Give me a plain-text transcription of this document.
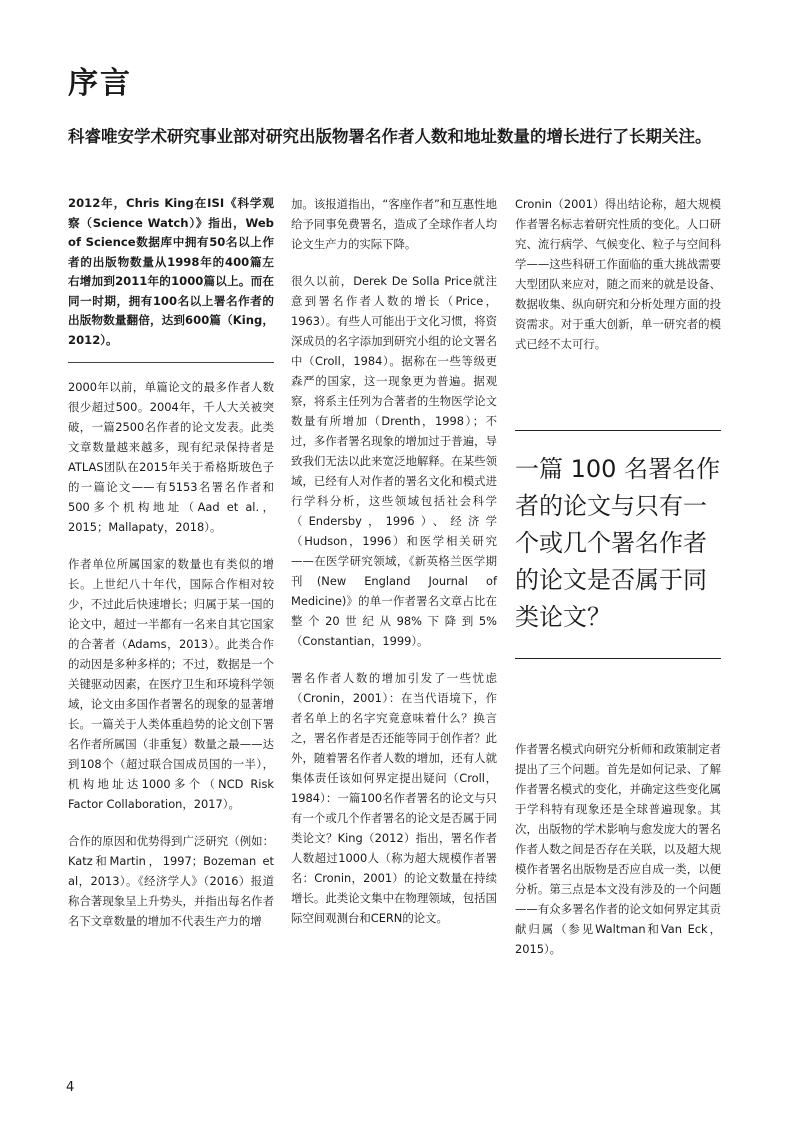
序言

科睿唯安学术研究事业部对研究出版物署名作者人数和地址数量的增长进行了长期关注。

2012年，Chris King在ISI《科学观察（Science Watch）》指出，Web of Science数据库中拥有50名以上作者的出版物数量从1998年的400篇左右增加到2011年的1000篇以上。而在同一时期，拥有100名以上署名作者的出版物数量翻倍，达到600篇（King，2012）。

2000年以前，单篇论文的最多作者人数很少超过500。2004年，千人大关被突破，一篇2500名作者的论文发表。此类文章数量越来越多，现有纪录保持者是ATLAS团队在2015年关于希格斯玻色子的一篇论文——有5153名署名作者和500多个机构地址（Aad et al.，2015；Mallapaty，2018）。

作者单位所属国家的数量也有类似的增长。上世纪八十年代，国际合作相对较少，不过此后快速增长；归属于某一国的论文中，超过一半都有一名来自其它国家的合著者（Adams，2013）。此类合作的动因是多种多样的；不过，数据是一个关键驱动因素，在医疗卫生和环境科学领域，论文由多国作者署名的现象的显著增长。一篇关于人类体重趋势的论文创下署名作者所属国（非重复）数量之最——达到108个（超过联合国成员国的一半），机构地址达1000多个（NCD Risk Factor Collaboration，2017）。

合作的原因和优势得到广泛研究（例如：Katz和Martin，1997；Bozeman et al，2013）。《经济学人》（2016）报道称合著现象呈上升势头，并指出每名作者名下文章数量的增加不代表生产力的增

加。该报道指出，“客座作者”和互惠性地给予同事免费署名，造成了全球作者人均论文生产力的实际下降。

很久以前，Derek De Solla Price就注意到署名作者人数的增长（Price，1963）。有些人可能出于文化习惯，将资深成员的名字添加到研究小组的论文署名中（Croll，1984）。据称在一些等级更森严的国家，这一现象更为普遍。据观察，将系主任列为合著者的生物医学论文数量有所增加（Drenth，1998）；不过，多作者署名现象的增加过于普遍，导致我们无法以此来宽泛地解释。在某些领域，已经有人对作者的署名文化和模式进行学科分析，这些领域包括社会科学（Endersby，1996）、经济学（Hudson，1996）和医学相关研究——在医学研究领域，《新英格兰医学期刊(New England Journal of Medicine)》的单一作者署名文章占比在整个20世纪从98%下降到5%（Constantian，1999）。

署名作者人数的增加引发了一些忧虑（Cronin，2001）：在当代语境下，作者名单上的名字究竟意味着什么？换言之，署名作者是否还能等同于创作者？此外，随着署名作者人数的增加，还有人就集体责任该如何界定提出疑问（Croll，1984）：一篇100名作者署名的论文与只有一个或几个作者署名的论文是否属于同类论文？King（2012）指出，署名作者人数超过1000人（称为超大规模作者署名：Cronin，2001）的论文数量在持续增长。此类论文集中在物理领域，包括国际空间观测台和CERN的论文。

Cronin（2001）得出结论称，超大规模作者署名标志着研究性质的变化。人口研究、流行病学、气候变化、粒子与空间科学——这些科研工作面临的重大挑战需要大型团队来应对，随之而来的就是设备、数据收集、纵向研究和分析处理方面的投资需求。对于重大创新，单一研究者的模式已经不太可行。

一篇 100 名署名作者的论文与只有一个或几个署名作者的论文是否属于同类论文？

作者署名模式向研究分析师和政策制定者提出了三个问题。首先是如何记录、了解作者署名模式的变化，并确定这些变化属于学科特有现象还是全球普遍现象。其次，出版物的学术影响与愈发庞大的署名作者人数之间是否存在关联，以及超大规模作者署名出版物是否应自成一类，以便分析。第三点是本文没有涉及的一个问题——有众多署名作者的论文如何界定其贡献归属（参见Waltman和Van Eck，2015）。

4
